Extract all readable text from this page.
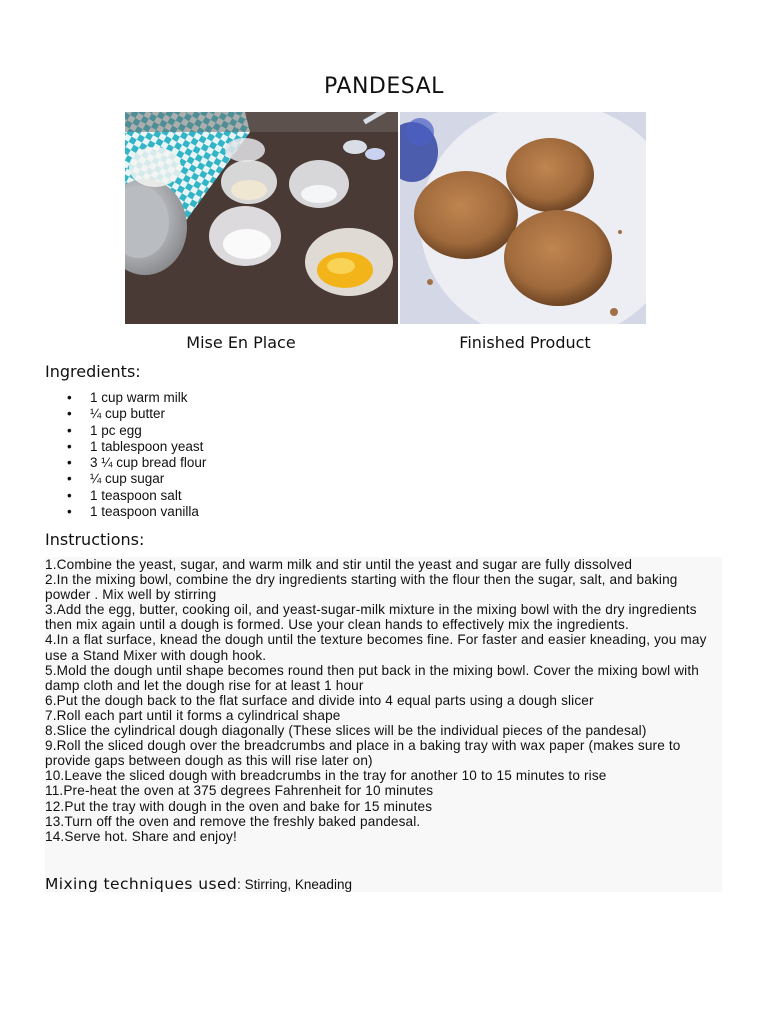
PANDESAL
Mise En Place	Finished Product
Ingredients:
• 1 cup warm milk
• ¼ cup butter
• 1 pc egg
• 1 tablespoon yeast
• 3 ¼ cup bread flour
• ¼ cup sugar
• 1 teaspoon salt
• 1 teaspoon vanilla
Instructions:
1.Combine the yeast, sugar, and warm milk and stir until the yeast and sugar are fully dissolved
2.In the mixing bowl, combine the dry ingredients starting with the flour then the sugar, salt, and baking powder . Mix well by stirring
3.Add the egg, butter, cooking oil, and yeast-sugar-milk mixture in the mixing bowl with the dry ingredients then mix again until a dough is formed. Use your clean hands to effectively mix the ingredients.
4.In a flat surface, knead the dough until the texture becomes fine. For faster and easier kneading, you may use a Stand Mixer with dough hook.
5.Mold the dough until shape becomes round then put back in the mixing bowl. Cover the mixing bowl with damp cloth and let the dough rise for at least 1 hour
6.Put the dough back to the flat surface and divide into 4 equal parts using a dough slicer
7.Roll each part until it forms a cylindrical shape
8.Slice the cylindrical dough diagonally (These slices will be the individual pieces of the pandesal)
9.Roll the sliced dough over the breadcrumbs and place in a baking tray with wax paper (makes sure to provide gaps between dough as this will rise later on)
10.Leave the sliced dough with breadcrumbs in the tray for another 10 to 15 minutes to rise
11.Pre-heat the oven at 375 degrees Fahrenheit for 10 minutes
12.Put the tray with dough in the oven and bake for 15 minutes
13.Turn off the oven and remove the freshly baked pandesal.
14.Serve hot. Share and enjoy!
Mixing techniques used: Stirring, Kneading
